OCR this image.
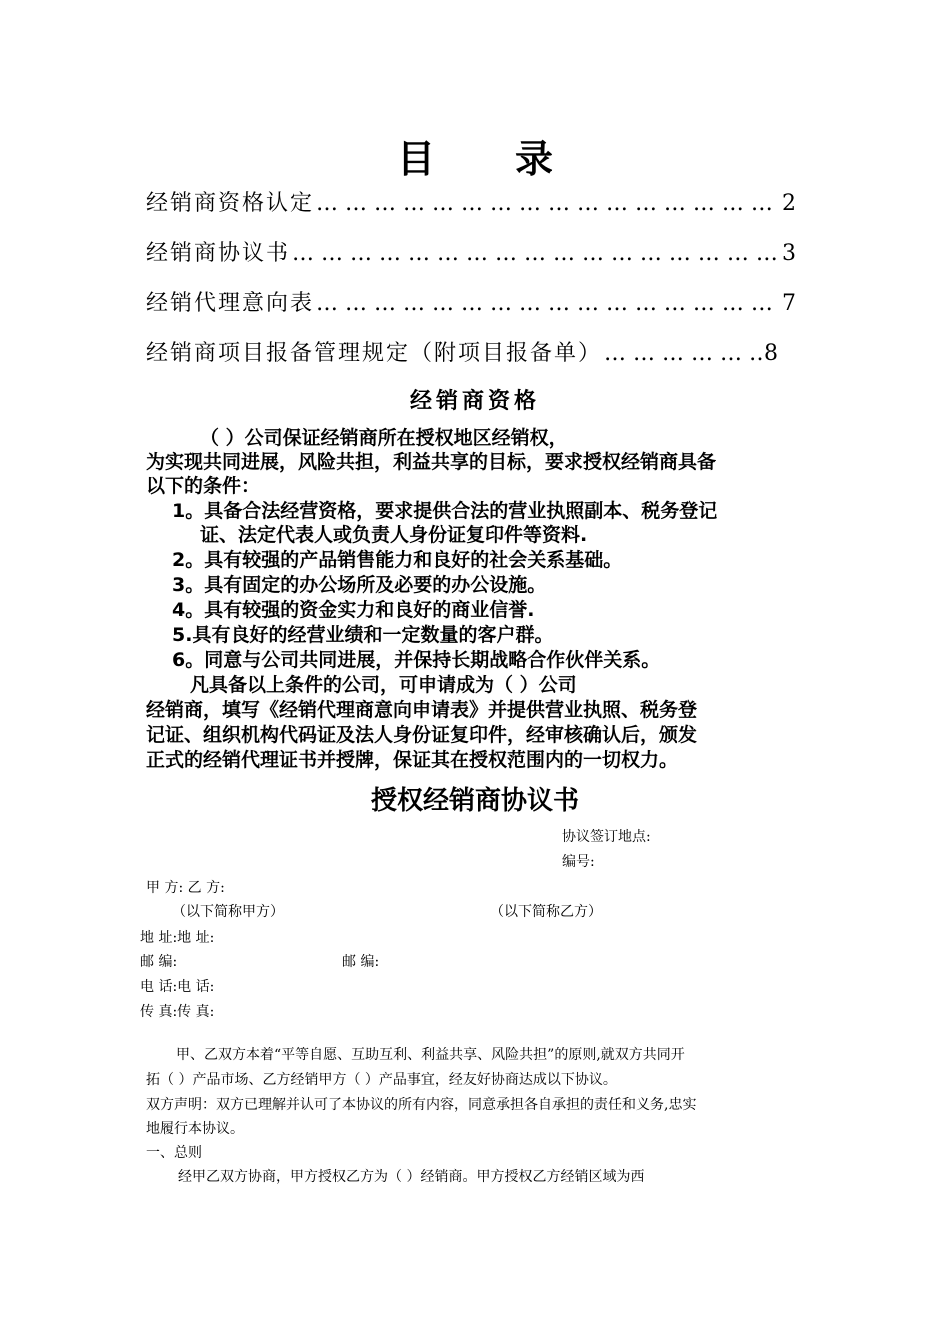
目 录
经销商资格认定 … … … … … … … … … … … … … … … … … … … … … … … … … … … … … … … … … … … … … … … … … … … …	2
经销商协议书 … … … … … … … … … … … … … … … … … … … … … … … … … … … … … … … … … … … … … … … … … … … …	3
经销代理意向表 … … … … … … … … … … … … … … … … … … … … … … … … … … … … … … … … … … … … … … … … … … … …	7
经销商项目报备管理规定（附项目报备单） … … … … … … … … … … … … … … … … … … … … … … … … … … … … … … … … … … … … … … … … … … … …	8
经销商资格
（ ）公司保证经销商所在授权地区经销权，
为实现共同进展，风险共担，利益共享的目标，要求授权经销商具备
以下的条件：
1。具备合法经营资格，要求提供合法的营业执照副本、税务登记
证、法定代表人或负责人身份证复印件等资料.
2。具有较强的产品销售能力和良好的社会关系基础。
3。具有固定的办公场所及必要的办公设施。
4。具有较强的资金实力和良好的商业信誉.
5.具有良好的经营业绩和一定数量的客户群。
6。同意与公司共同进展，并保持长期战略合作伙伴关系。
凡具备以上条件的公司，可申请成为（ ）公司
经销商，填写《经销代理商意向申请表》并提供营业执照、税务登
记证、组织机构代码证及法人身份证复印件，经审核确认后，颁发
正式的经销代理证书并授牌，保证其在授权范围内的一切权力。
授权经销商协议书
协议签订地点:
编号:
甲 方: 乙 方:
（以下简称甲方）	（以下简称乙方）
地 址:地 址:
邮 编:	邮 编:
电 话:电 话:
传 真:传 真:
甲、乙双方本着“平等自愿、互助互利、利益共享、风险共担”的原则,就双方共同开
拓（ ）产品市场、乙方经销甲方（ ）产品事宜，经友好协商达成以下协议。
双方声明：双方已理解并认可了本协议的所有内容，同意承担各自承担的责任和义务,忠实
地履行本协议。
一、总则
经甲乙双方协商，甲方授权乙方为（ ）经销商。甲方授权乙方经销区域为西
